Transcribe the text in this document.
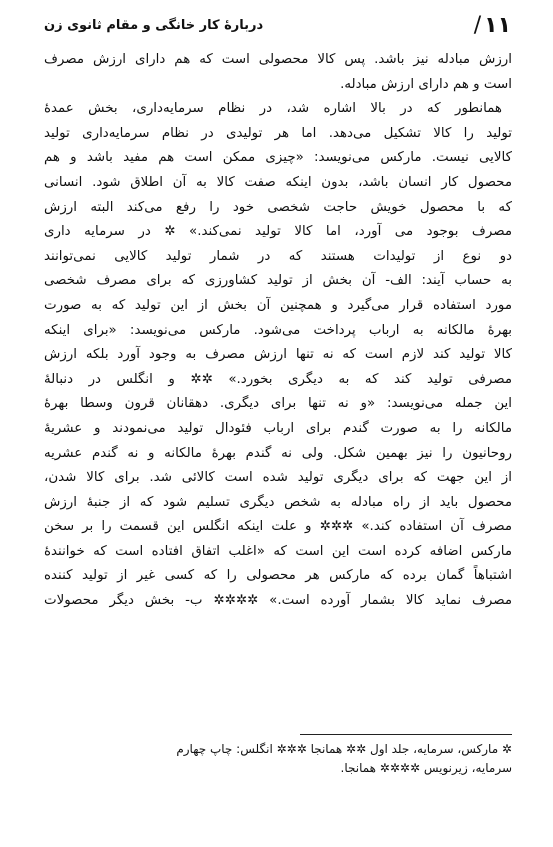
۱۱/
دربارهٔ کار خانگی و مقام ثانوی زن
ارزش مبادله نیز باشد. پس کالا محصولی است که هم دارای ارزش مصرف
است و هم دارای ارزش مبادله.
همانطور که در بالا اشاره شد، در نظام سرمایه‌داری، بخش عمدهٔ
تولید را کالا تشکیل می‌دهد. اما هر تولیدی در نظام سرمایه‌داری تولید
کالایی نیست. مارکس می‌نویسد: «چیزی ممکن است هم مفید باشد و هم
محصول کار انسان باشد، بدون اینکه صفت کالا به آن اطلاق شود. انسانی
که با محصول خویش حاجت شخصی خود را رفع می‌کند البته ارزش
مصرف بوجود می آورد، اما کالا تولید نمی‌کند.» ✲ در سرمایه داری
دو نوع از تولیدات هستند که در شمار تولید کالایی نمی‌توانند
به حساب آیند: الف- آن بخش از تولید کشاورزی که برای مصرف شخصی
مورد استفاده قرار می‌گیرد و همچنین آن بخش از این تولید که به صورت
بهرهٔ مالکانه به ارباب پرداخت می‌شود. مارکس می‌نویسد: «برای اینکه
کالا تولید کند لازم است که نه تنها ارزش مصرف به وجود آورد بلکه ارزش
مصرفی تولید کند که به دیگری بخورد.» ✲✲ و انگلس در دنبالهٔ
این جمله می‌نویسد: «و نه تنها برای دیگری. دهقانان قرون وسطا بهرهٔ
مالکانه را به صورت گندم برای ارباب فئودال تولید می‌نمودند و عشریهٔ
روحانیون را نیز بهمین شکل. ولی نه گندم بهرهٔ مالکانه و نه گندم عشریه
از این جهت که برای دیگری تولید شده است کالائی شد. برای کالا شدن،
محصول باید از راه مبادله به شخص دیگری تسلیم شود که از جنبهٔ ارزش
مصرف آن استفاده کند.» ✲✲✲ و علت اینکه انگلس این قسمت را بر سخن
مارکس اضافه کرده است این است که «اغلب اتفاق افتاده است که خوانندهٔ
اشتباهاً گمان برده که مارکس هر محصولی را که کسی غیر از تولید کننده
مصرف نماید کالا بشمار آورده است.» ✲✲✲✲ ب- بخش دیگر محصولات
✲ مارکس، سرمایه، جلد اول ✲✲ همانجا ✲✲✲ انگلس: چاپ چهارم
سرمایه، زیرنویس ✲✲✲✲ همانجا.
